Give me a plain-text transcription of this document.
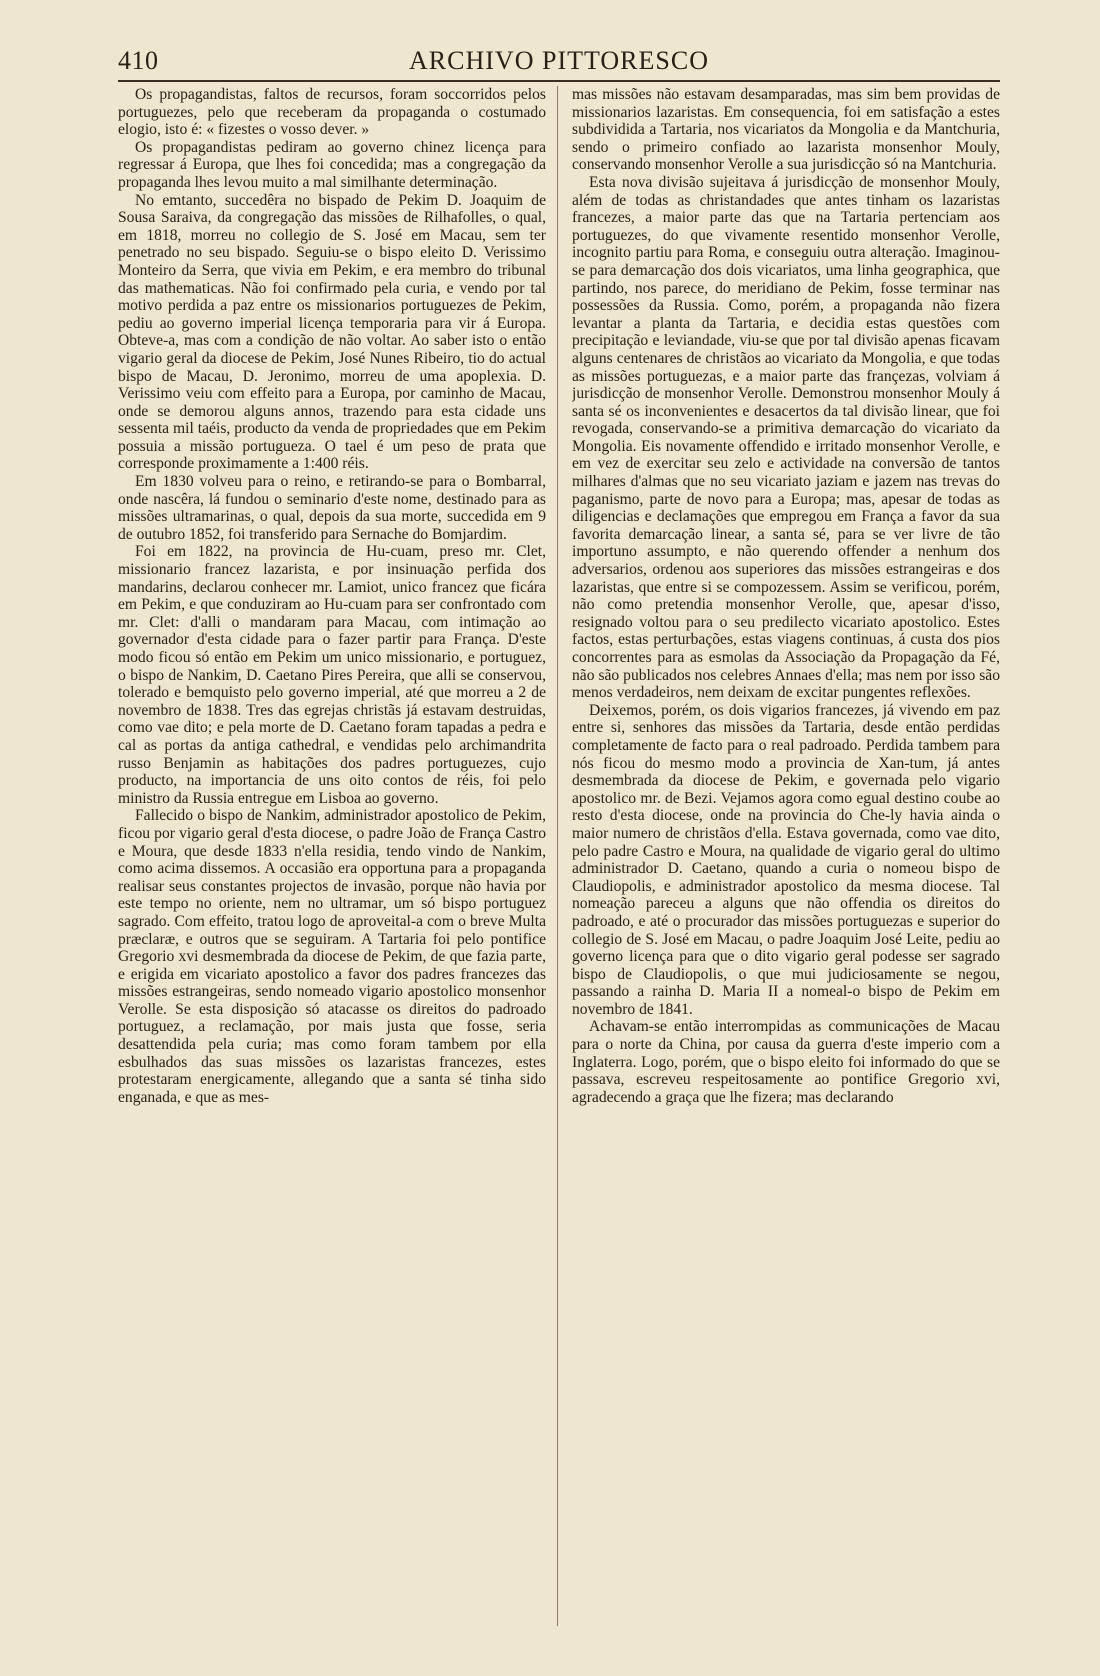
410	ARCHIVO PITTORESCO

Os propagandistas, faltos de recursos, foram soccorridos pelos portuguezes, pelo que receberam da propaganda o costumado elogio, isto é: « fizestes o vosso dever. »

Os propagandistas pediram ao governo chinez licença para regressar á Europa, que lhes foi concedida; mas a congregação da propaganda lhes levou muito a mal similhante determinação.

No emtanto, succedêra no bispado de Pekim D. Joaquim de Sousa Saraiva, da congregação das missões de Rilhafolles, o qual, em 1818, morreu no collegio de S. José em Macau, sem ter penetrado no seu bispado. Seguiu-se o bispo eleito D. Verissimo Monteiro da Serra, que vivia em Pekim, e era membro do tribunal das mathematicas. Não foi confirmado pela curia, e vendo por tal motivo perdida a paz entre os missionarios portuguezes de Pekim, pediu ao governo imperial licença temporaria para vir á Europa. Obteve-a, mas com a condição de não voltar. Ao saber isto o então vigario geral da diocese de Pekim, José Nunes Ribeiro, tio do actual bispo de Macau, D. Jeronimo, morreu de uma apoplexia. D. Verissimo veiu com effeito para a Europa, por caminho de Macau, onde se demorou alguns annos, trazendo para esta cidade uns sessenta mil taéis, producto da venda de propriedades que em Pekim possuia a missão portugueza. O tael é um peso de prata que corresponde proximamente a 1:400 réis.

Em 1830 volveu para o reino, e retirando-se para o Bombarral, onde nascêra, lá fundou o seminario d'este nome, destinado para as missões ultramarinas, o qual, depois da sua morte, succedida em 9 de outubro 1852, foi transferido para Sernache do Bomjardim.

Foi em 1822, na provincia de Hu-cuam, preso mr. Clet, missionario francez lazarista, e por insinuação perfida dos mandarins, declarou conhecer mr. Lamiot, unico francez que ficára em Pekim, e que conduziram ao Hu-cuam para ser confrontado com mr. Clet: d'alli o mandaram para Macau, com intimação ao governador d'esta cidade para o fazer partir para França. D'este modo ficou só então em Pekim um unico missionario, e portuguez, o bispo de Nankim, D. Caetano Pires Pereira, que alli se conservou, tolerado e bemquisto pelo governo imperial, até que morreu a 2 de novembro de 1838. Tres das egrejas christãs já estavam destruidas, como vae dito; e pela morte de D. Caetano foram tapadas a pedra e cal as portas da antiga cathedral, e vendidas pelo archimandrita russo Benjamin as habitações dos padres portuguezes, cujo producto, na importancia de uns oito contos de réis, foi pelo ministro da Russia entregue em Lisboa ao governo.

Fallecido o bispo de Nankim, administrador apostolico de Pekim, ficou por vigario geral d'esta diocese, o padre João de França Castro e Moura, que desde 1833 n'ella residia, tendo vindo de Nankim, como acima dissemos. A occasião era opportuna para a propaganda realisar seus constantes projectos de invasão, porque não havia por este tempo no oriente, nem no ultramar, um só bispo portuguez sagrado. Com effeito, tratou logo de aproveital-a com o breve Multa præclaræ, e outros que se seguiram. A Tartaria foi pelo pontifice Gregorio xvi desmembrada da diocese de Pekim, de que fazia parte, e erigida em vicariato apostolico a favor dos padres francezes das missões estrangeiras, sendo nomeado vigario apostolico monsenhor Verolle. Se esta disposição só atacasse os direitos do padroado portuguez, a reclamação, por mais justa que fosse, seria desattendida pela curia; mas como foram tambem por ella esbulhados das suas missões os lazaristas francezes, estes protestaram energicamente, allegando que a santa sé tinha sido enganada, e que as mes-

mas missões não estavam desamparadas, mas sim bem providas de missionarios lazaristas. Em consequencia, foi em satisfação a estes subdividida a Tartaria, nos vicariatos da Mongolia e da Mantchuria, sendo o primeiro confiado ao lazarista monsenhor Mouly, conservando monsenhor Verolle a sua jurisdicção só na Mantchuria.

Esta nova divisão sujeitava á jurisdicção de monsenhor Mouly, além de todas as christandades que antes tinham os lazaristas francezes, a maior parte das que na Tartaria pertenciam aos portuguezes, do que vivamente resentido monsenhor Verolle, incognito partiu para Roma, e conseguiu outra alteração. Imaginou-se para demarcação dos dois vicariatos, uma linha geographica, que partindo, nos parece, do meridiano de Pekim, fosse terminar nas possessões da Russia. Como, porém, a propaganda não fizera levantar a planta da Tartaria, e decidia estas questões com precipitação e leviandade, viu-se que por tal divisão apenas ficavam alguns centenares de christãos ao vicariato da Mongolia, e que todas as missões portuguezas, e a maior parte das françezas, volviam á jurisdicção de monsenhor Verolle. Demonstrou monsenhor Mouly á santa sé os inconvenientes e desacertos da tal divisão linear, que foi revogada, conservando-se a primitiva demarcação do vicariato da Mongolia. Eis novamente offendido e irritado monsenhor Verolle, e em vez de exercitar seu zelo e actividade na conversão de tantos milhares d'almas que no seu vicariato jaziam e jazem nas trevas do paganismo, parte de novo para a Europa; mas, apesar de todas as diligencias e declamações que empregou em França a favor da sua favorita demarcação linear, a santa sé, para se ver livre de tão importuno assumpto, e não querendo offender a nenhum dos adversarios, ordenou aos superiores das missões estrangeiras e dos lazaristas, que entre si se compozessem. Assim se verificou, porém, não como pretendia monsenhor Verolle, que, apesar d'isso, resignado voltou para o seu predilecto vicariato apostolico. Estes factos, estas perturbações, estas viagens continuas, á custa dos pios concorrentes para as esmolas da Associação da Propagação da Fé, não são publicados nos celebres Annaes d'ella; mas nem por isso são menos verdadeiros, nem deixam de excitar pungentes reflexões.

Deixemos, porém, os dois vigarios francezes, já vivendo em paz entre si, senhores das missões da Tartaria, desde então perdidas completamente de facto para o real padroado. Perdida tambem para nós ficou do mesmo modo a provincia de Xan-tum, já antes desmembrada da diocese de Pekim, e governada pelo vigario apostolico mr. de Bezi. Vejamos agora como egual destino coube ao resto d'esta diocese, onde na provincia do Che-ly havia ainda o maior numero de christãos d'ella. Estava governada, como vae dito, pelo padre Castro e Moura, na qualidade de vigario geral do ultimo administrador D. Caetano, quando a curia o nomeou bispo de Claudiopolis, e administrador apostolico da mesma diocese. Tal nomeação pareceu a alguns que não offendia os direitos do padroado, e até o procurador das missões portuguezas e superior do collegio de S. José em Macau, o padre Joaquim José Leite, pediu ao governo licença para que o dito vigario geral podesse ser sagrado bispo de Claudiopolis, o que mui judiciosamente se negou, passando a rainha D. Maria II a nomeal-o bispo de Pekim em novembro de 1841.

Achavam-se então interrompidas as communicações de Macau para o norte da China, por causa da guerra d'este imperio com a Inglaterra. Logo, porém, que o bispo eleito foi informado do que se passava, escreveu respeitosamente ao pontifice Gregorio xvi, agradecendo a graça que lhe fizera; mas declarando
